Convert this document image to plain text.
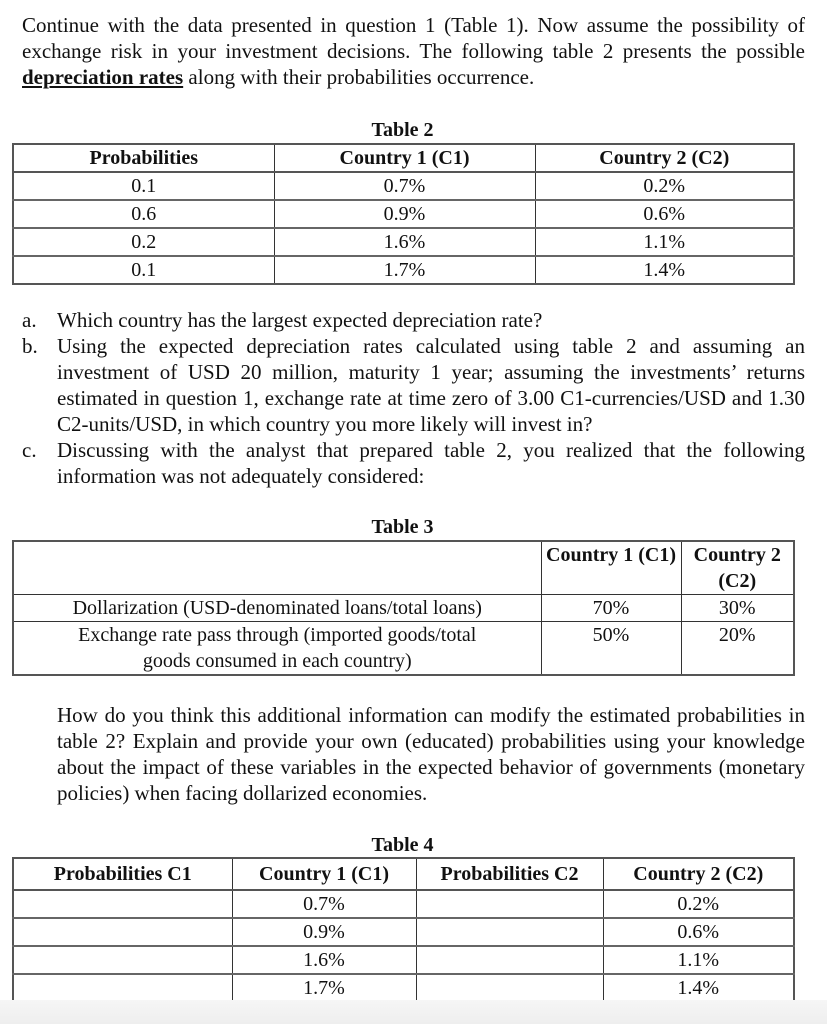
Continue with the data presented in question 1 (Table 1). Now assume the possibility of exchange risk in your investment decisions. The following table 2 presents the possible depreciation rates along with their probabilities occurrence.

Table 2
Probabilities	Country 1 (C1)	Country 2 (C2)
0.1	0.7%	0.2%
0.6	0.9%	0.6%
0.2	1.6%	1.1%
0.1	1.7%	1.4%
a. Which country has the largest expected depreciation rate?
b. Using the expected depreciation rates calculated using table 2 and assuming an investment of USD 20 million, maturity 1 year; assuming the investments’ returns estimated in question 1, exchange rate at time zero of 3.00 C1-currencies/USD and 1.30 C2-units/USD, in which country you more likely will invest in?
c. Discussing with the analyst that prepared table 2, you realized that the following information was not adequately considered:
Table 3
	Country 1 (C1)	Country 2 (C2)
Dollarization (USD-denominated loans/total loans)	70%	30%
Exchange rate pass through (imported goods/total goods consumed in each country)	50%	20%

How do you think this additional information can modify the estimated probabilities in table 2? Explain and provide your own (educated) probabilities using your knowledge about the impact of these variables in the expected behavior of governments (monetary policies) when facing dollarized economies.

Table 4
Probabilities C1	Country 1 (C1)	Probabilities C2	Country 2 (C2)
	0.7%		0.2%
	0.9%		0.6%
	1.6%		1.1%
	1.7%		1.4%
